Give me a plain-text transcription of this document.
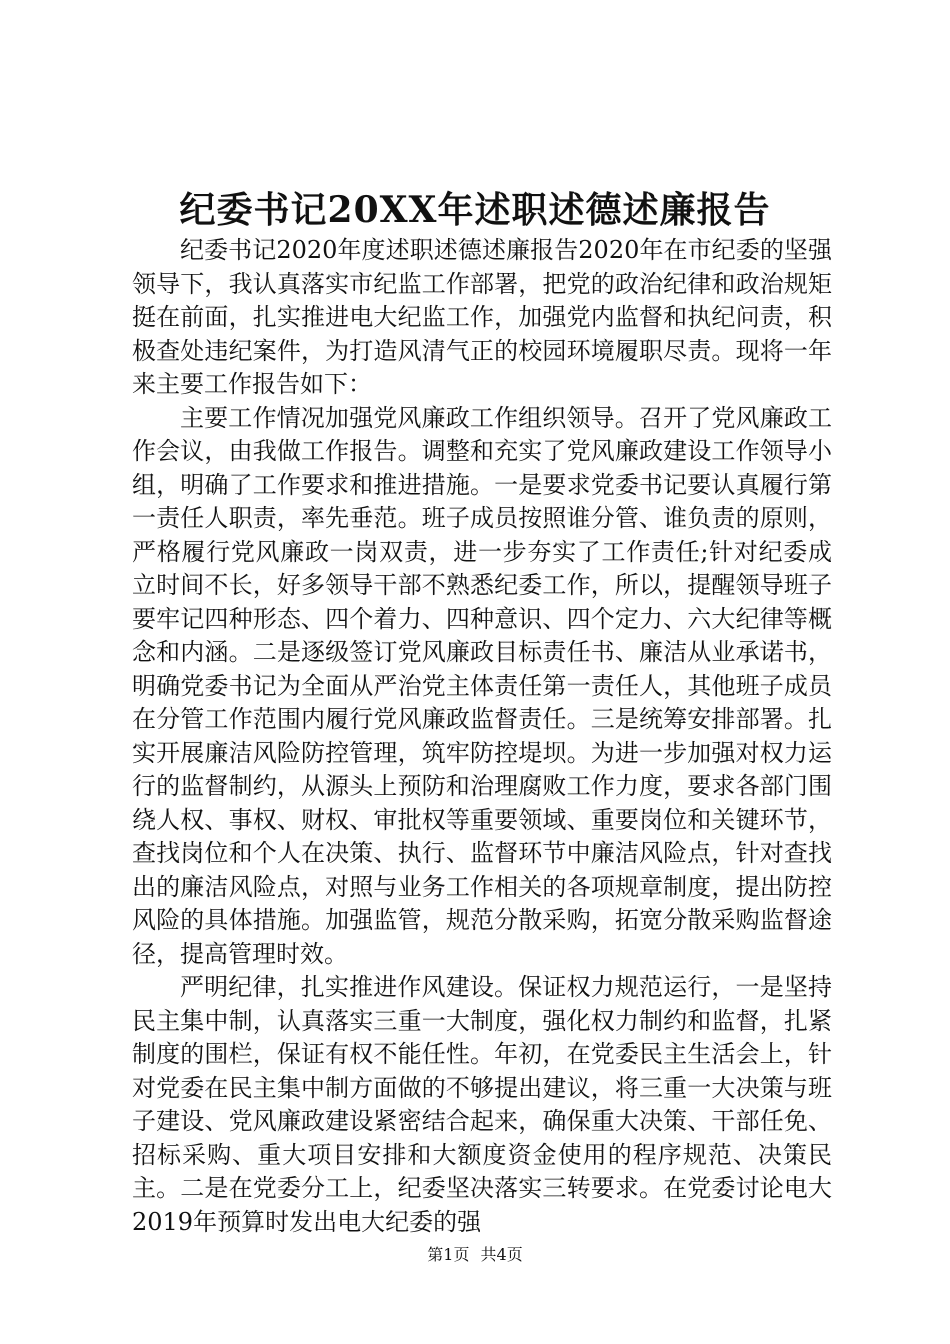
纪委书记20XX年述职述德述廉报告

纪委书记2020年度述职述德述廉报告2020年在市纪委的坚强领导下，我认真落实市纪监工作部署，把党的政治纪律和政治规矩挺在前面，扎实推进电大纪监工作，加强党内监督和执纪问责，积极查处违纪案件，为打造风清气正的校园环境履职尽责。现将一年来主要工作报告如下：

主要工作情况加强党风廉政工作组织领导。召开了党风廉政工作会议，由我做工作报告。调整和充实了党风廉政建设工作领导小组，明确了工作要求和推进措施。一是要求党委书记要认真履行第一责任人职责，率先垂范。班子成员按照谁分管、谁负责的原则，严格履行党风廉政一岗双责，进一步夯实了工作责任;针对纪委成立时间不长，好多领导干部不熟悉纪委工作，所以，提醒领导班子要牢记四种形态、四个着力、四种意识、四个定力、六大纪律等概念和内涵。二是逐级签订党风廉政目标责任书、廉洁从业承诺书，明确党委书记为全面从严治党主体责任第一责任人，其他班子成员在分管工作范围内履行党风廉政监督责任。三是统筹安排部署。扎实开展廉洁风险防控管理，筑牢防控堤坝。为进一步加强对权力运行的监督制约，从源头上预防和治理腐败工作力度，要求各部门围绕人权、事权、财权、审批权等重要领域、重要岗位和关键环节，查找岗位和个人在决策、执行、监督环节中廉洁风险点，针对查找出的廉洁风险点，对照与业务工作相关的各项规章制度，提出防控风险的具体措施。加强监管，规范分散采购，拓宽分散采购监督途径，提高管理时效。

严明纪律，扎实推进作风建设。保证权力规范运行，一是坚持民主集中制，认真落实三重一大制度，强化权力制约和监督，扎紧制度的围栏，保证有权不能任性。年初，在党委民主生活会上，针对党委在民主集中制方面做的不够提出建议，将三重一大决策与班子建设、党风廉政建设紧密结合起来，确保重大决策、干部任免、招标采购、重大项目安排和大额度资金使用的程序规范、决策民主。二是在党委分工上，纪委坚决落实三转要求。在党委讨论电大2019年预算时发出电大纪委的强

第1页 共4页
